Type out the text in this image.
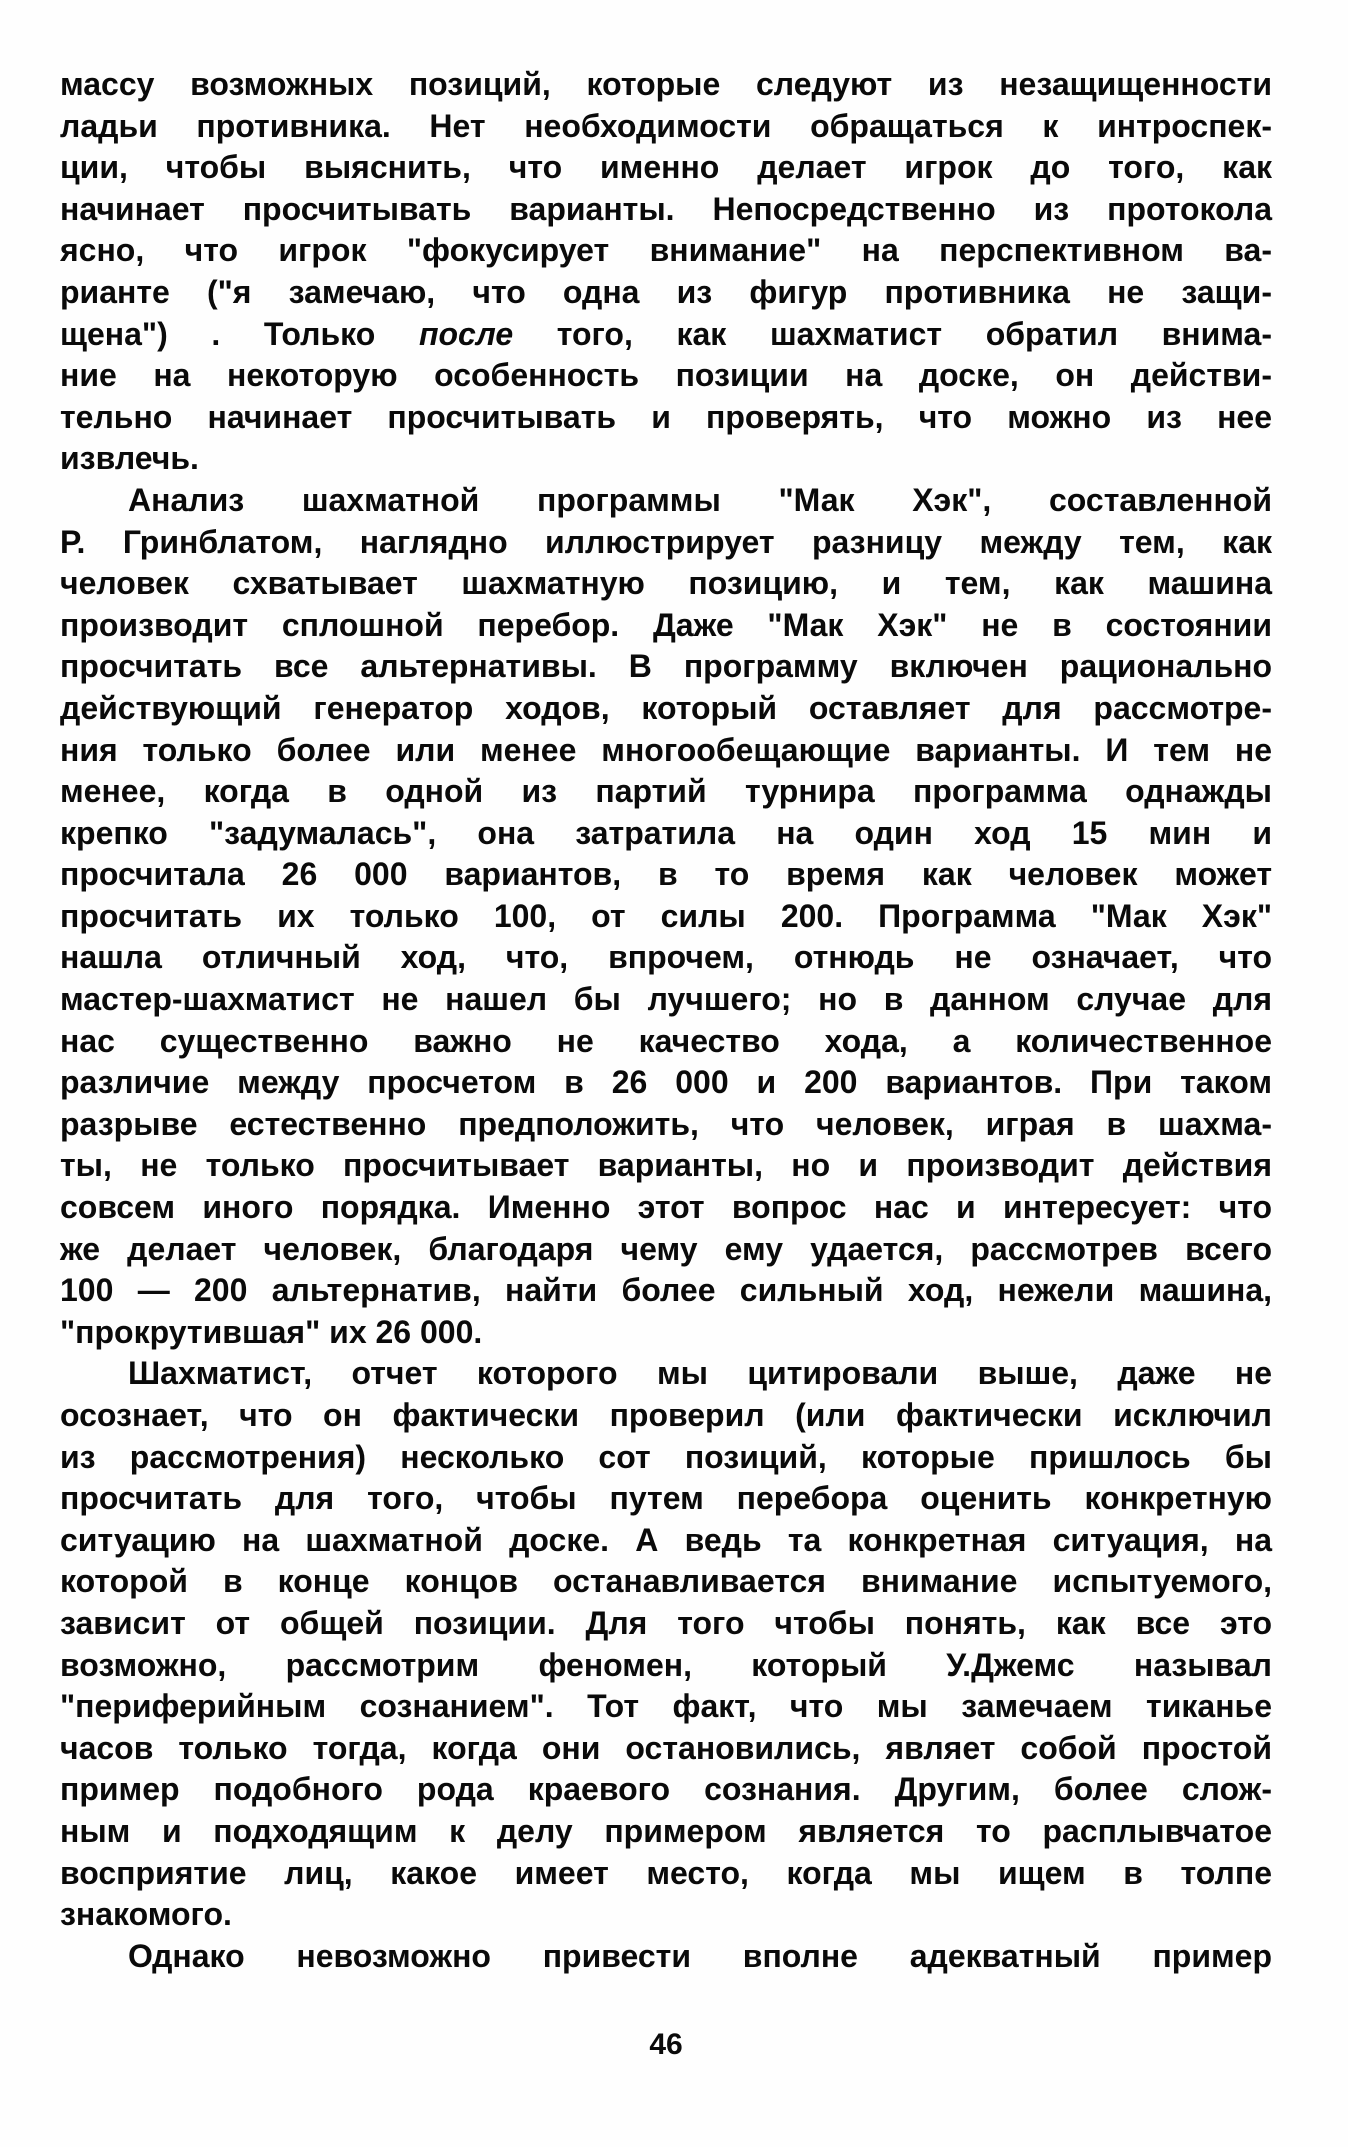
массу возможных позиций, которые следуют из незащищенности
ладьи противника. Нет необходимости обращаться к интроспек-
ции, чтобы выяснить, что именно делает игрок до того, как
начинает просчитывать варианты. Непосредственно из протокола
ясно, что игрок "фокусирует внимание" на перспективном ва-
рианте ("я замечаю, что одна из фигур противника не защи-
щена") . Только после того, как шахматист обратил внима-
ние на некоторую особенность позиции на доске, он действи-
тельно начинает просчитывать и проверять, что можно из нее
извлечь.
Анализ шахматной программы "Мак Хэк", составленной
Р. Гринблатом, наглядно иллюстрирует разницу между тем, как
человек схватывает шахматную позицию, и тем, как машина
производит сплошной перебор. Даже "Мак Хэк" не в состоянии
просчитать все альтернативы. В программу включен рационально
действующий генератор ходов, который оставляет для рассмотре-
ния только более или менее многообещающие варианты. И тем не
менее, когда в одной из партий турнира программа однажды
крепко "задумалась", она затратила на один ход 15 мин и
просчитала 26 000 вариантов, в то время как человек может
просчитать их только 100, от силы 200. Программа "Мак Хэк"
нашла отличный ход, что, впрочем, отнюдь не означает, что
мастер-шахматист не нашел бы лучшего; но в данном случае для
нас существенно важно не качество хода, а количественное
различие между просчетом в 26 000 и 200 вариантов. При таком
разрыве естественно предположить, что человек, играя в шахма-
ты, не только просчитывает варианты, но и производит действия
совсем иного порядка. Именно этот вопрос нас и интересует: что
же делает человек, благодаря чему ему удается, рассмотрев всего
100 — 200 альтернатив, найти более сильный ход, нежели машина,
"прокрутившая" их 26 000.
Шахматист, отчет которого мы цитировали выше, даже не
осознает, что он фактически проверил (или фактически исключил
из рассмотрения) несколько сот позиций, которые пришлось бы
просчитать для того, чтобы путем перебора оценить конкретную
ситуацию на шахматной доске. А ведь та конкретная ситуация, на
которой в конце концов останавливается внимание испытуемого,
зависит от общей позиции. Для того чтобы понять, как все это
возможно, рассмотрим феномен, который У.Джемс называл
"периферийным сознанием". Тот факт, что мы замечаем тиканье
часов только тогда, когда они остановились, являет собой простой
пример подобного рода краевого сознания. Другим, более слож-
ным и подходящим к делу примером является то расплывчатое
восприятие лиц, какое имеет место, когда мы ищем в толпе
знакомого.
Однако невозможно привести вполне адекватный пример
46
